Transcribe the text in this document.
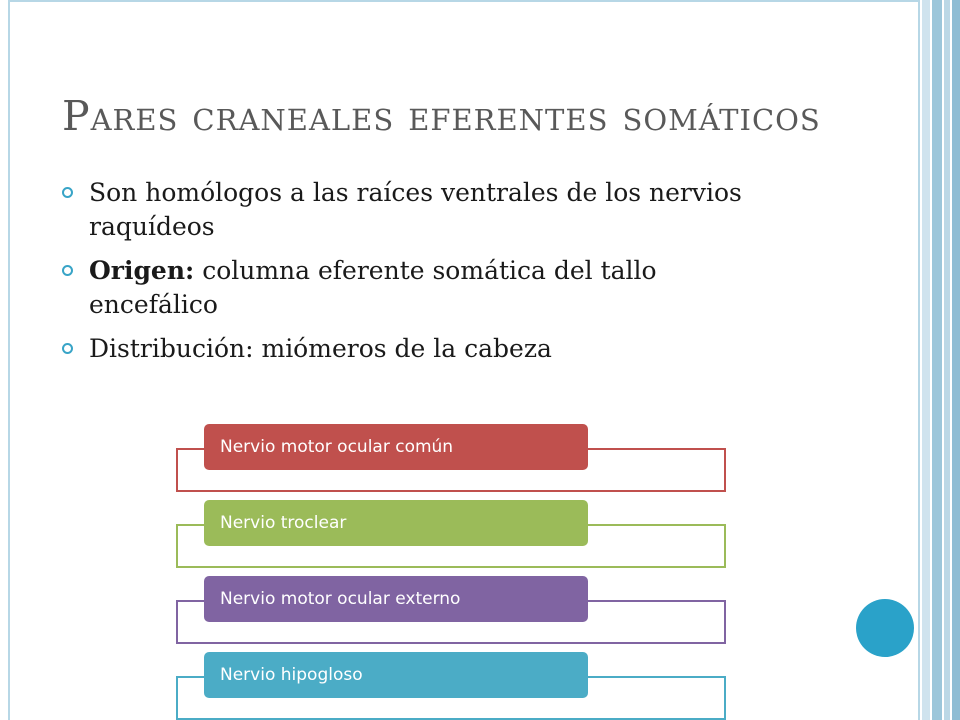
Pares craneales eferentes somáticos
Son homólogos a las raíces ventrales de los nervios raquídeos
Origen: columna eferente somática del tallo encefálico
Distribución: miómeros de la cabeza
Nervio motor ocular común
Nervio troclear
Nervio motor ocular externo
Nervio hipogloso
